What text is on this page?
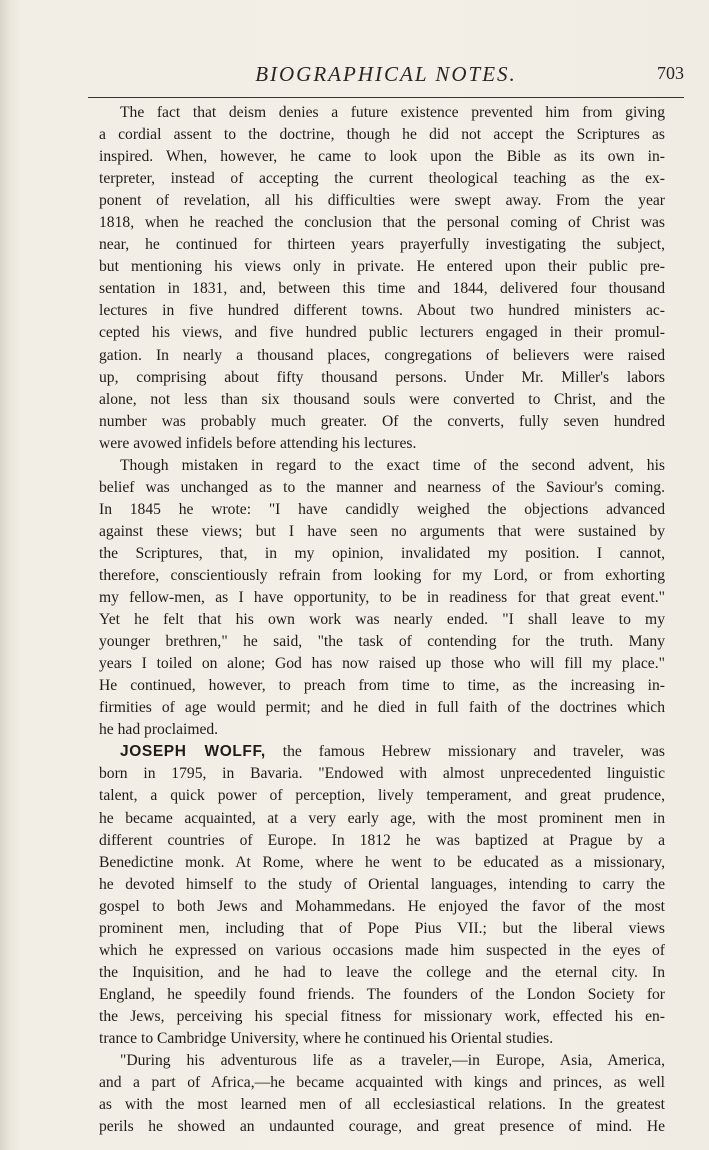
BIOGRAPHICAL NOTES.	703
The fact that deism denies a future existence prevented him from giving
a cordial assent to the doctrine, though he did not accept the Scriptures as
inspired. When, however, he came to look upon the Bible as its own in-
terpreter, instead of accepting the current theological teaching as the ex-
ponent of revelation, all his difficulties were swept away. From the year
1818, when he reached the conclusion that the personal coming of Christ was
near, he continued for thirteen years prayerfully investigating the subject,
but mentioning his views only in private. He entered upon their public pre-
sentation in 1831, and, between this time and 1844, delivered four thousand
lectures in five hundred different towns. About two hundred ministers ac-
cepted his views, and five hundred public lecturers engaged in their promul-
gation. In nearly a thousand places, congregations of believers were raised
up, comprising about fifty thousand persons. Under Mr. Miller's labors
alone, not less than six thousand souls were converted to Christ, and the
number was probably much greater. Of the converts, fully seven hundred
were avowed infidels before attending his lectures.
Though mistaken in regard to the exact time of the second advent, his
belief was unchanged as to the manner and nearness of the Saviour's coming.
In 1845 he wrote: "I have candidly weighed the objections advanced
against these views; but I have seen no arguments that were sustained by
the Scriptures, that, in my opinion, invalidated my position. I cannot,
therefore, conscientiously refrain from looking for my Lord, or from exhorting
my fellow-men, as I have opportunity, to be in readiness for that great event."
Yet he felt that his own work was nearly ended. "I shall leave to my
younger brethren," he said, "the task of contending for the truth. Many
years I toiled on alone; God has now raised up those who will fill my place."
He continued, however, to preach from time to time, as the increasing in-
firmities of age would permit; and he died in full faith of the doctrines which
he had proclaimed.
JOSEPH WOLFF, the famous Hebrew missionary and traveler, was
born in 1795, in Bavaria. "Endowed with almost unprecedented linguistic
talent, a quick power of perception, lively temperament, and great prudence,
he became acquainted, at a very early age, with the most prominent men in
different countries of Europe. In 1812 he was baptized at Prague by a
Benedictine monk. At Rome, where he went to be educated as a missionary,
he devoted himself to the study of Oriental languages, intending to carry the
gospel to both Jews and Mohammedans. He enjoyed the favor of the most
prominent men, including that of Pope Pius VII.; but the liberal views
which he expressed on various occasions made him suspected in the eyes of
the Inquisition, and he had to leave the college and the eternal city. In
England, he speedily found friends. The founders of the London Society for
the Jews, perceiving his special fitness for missionary work, effected his en-
trance to Cambridge University, where he continued his Oriental studies.
"During his adventurous life as a traveler,—in Europe, Asia, America,
and a part of Africa,—he became acquainted with kings and princes, as well
as with the most learned men of all ecclesiastical relations. In the greatest
perils he showed an undaunted courage, and great presence of mind. He
